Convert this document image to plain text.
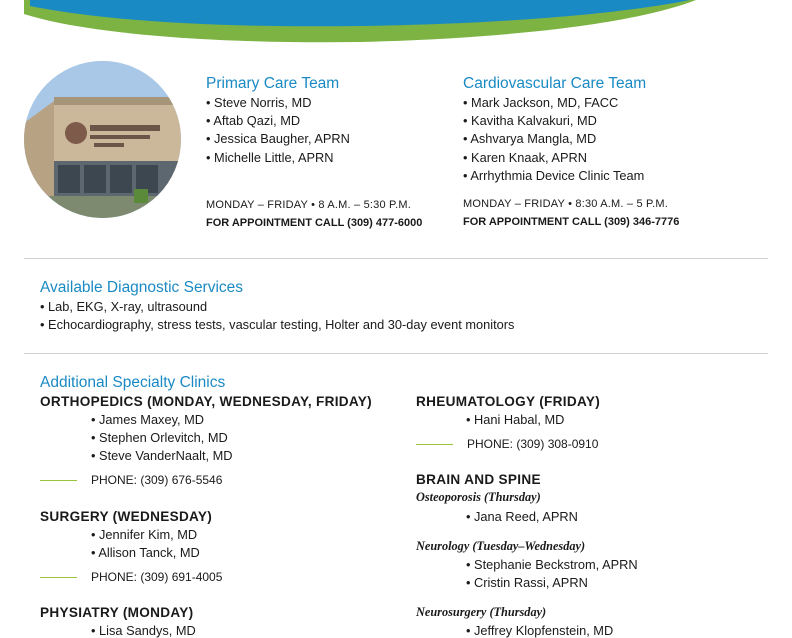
Primary Care Team
• Steve Norris, MD
• Aftab Qazi, MD
• Jessica Baugher, APRN
• Michelle Little, APRN
MONDAY – FRIDAY • 8 A.M. – 5:30 P.M.
FOR APPOINTMENT CALL (309) 477-6000
Cardiovascular Care Team
• Mark Jackson, MD, FACC
• Kavitha Kalvakuri, MD
• Ashvarya Mangla, MD
• Karen Knaak, APRN
• Arrhythmia Device Clinic Team
MONDAY – FRIDAY • 8:30 A.M. – 5 P.M.
FOR APPOINTMENT CALL (309) 346-7776
Available Diagnostic Services
• Lab, EKG, X-ray, ultrasound
• Echocardiography, stress tests, vascular testing, Holter and 30-day event monitors
Additional Specialty Clinics
ORTHOPEDICS (MONDAY, WEDNESDAY, FRIDAY)
• James Maxey, MD
• Stephen Orlevitch, MD
• Steve VanderNaalt, MD
PHONE: (309) 676-5546
SURGERY (WEDNESDAY)
• Jennifer Kim, MD
• Allison Tanck, MD
PHONE: (309) 691-4005
PHYSIATRY (MONDAY)
• Lisa Sandys, MD
RHEUMATOLOGY (FRIDAY)
• Hani Habal, MD
PHONE: (309) 308-0910
BRAIN AND SPINE
Osteoporosis (Thursday)
• Jana Reed, APRN
Neurology (Tuesday–Wednesday)
• Stephanie Beckstrom, APRN
• Cristin Rassi, APRN
Neurosurgery (Thursday)
• Jeffrey Klopfenstein, MD
